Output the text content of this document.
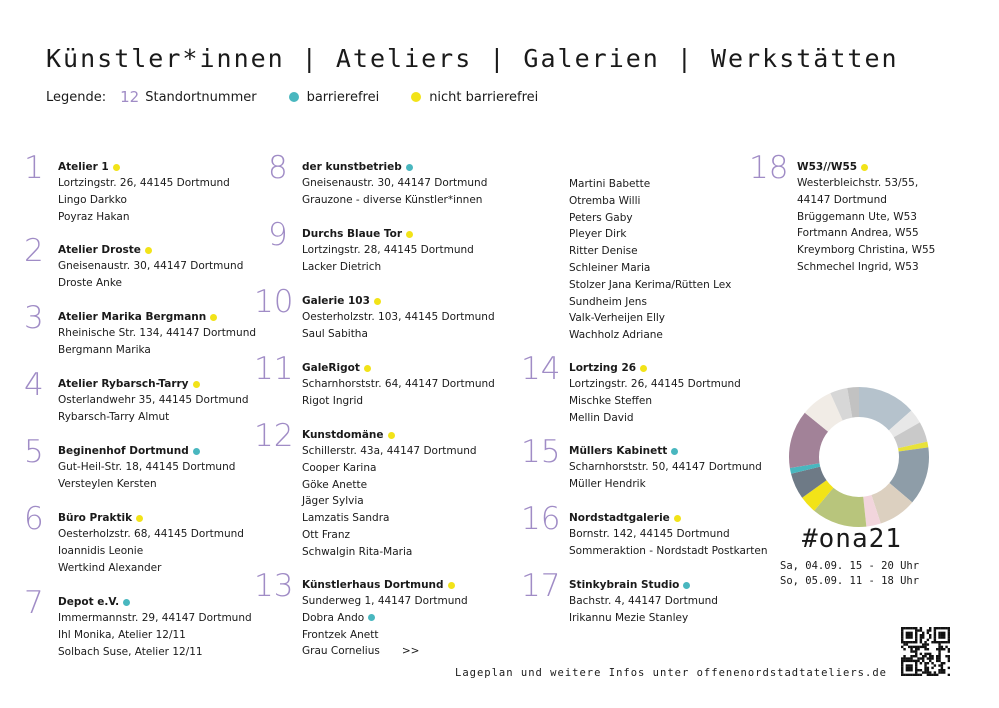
Künstler*innen | Ateliers | Galerien | Werkstätten
Legende: 12 Standortnummer	barrierefrei	nicht barrierefrei
1 Atelier 1
Lortzingstr. 26, 44145 Dortmund
Lingo Darkko
Poyraz Hakan
2 Atelier Droste
Gneisenaustr. 30, 44147 Dortmund
Droste Anke
3 Atelier Marika Bergmann
Rheinische Str. 134, 44147 Dortmund
Bergmann Marika
4 Atelier Rybarsch-Tarry
Osterlandwehr 35, 44145 Dortmund
Rybarsch-Tarry Almut
5 Beginenhof Dortmund
Gut-Heil-Str. 18, 44145 Dortmund
Versteylen Kersten
6 Büro Praktik
Oesterholzstr. 68, 44145 Dortmund
Ioannidis Leonie
Wertkind Alexander
7 Depot e.V.
Immermannstr. 29, 44147 Dortmund
Ihl Monika, Atelier 12/11
Solbach Suse, Atelier 12/11
8 der kunstbetrieb
Gneisenaustr. 30, 44147 Dortmund
Grauzone - diverse Künstler*innen
9 Durchs Blaue Tor
Lortzingstr. 28, 44145 Dortmund
Lacker Dietrich
10 Galerie 103
Oesterholzstr. 103, 44145 Dortmund
Saul Sabitha
11 GaleRigot
Scharnhorststr. 64, 44147 Dortmund
Rigot Ingrid
12 Kunstdomäne
Schillerstr. 43a, 44147 Dortmund
Cooper Karina
Göke Anette
Jäger Sylvia
Lamzatis Sandra
Ott Franz
Schwalgin Rita-Maria
13 Künstlerhaus Dortmund
Sunderweg 1, 44147 Dortmund
Dobra Ando
Frontzek Anett
Grau Cornelius >>
Martini Babette
Otremba Willi
Peters Gaby
Pleyer Dirk
Ritter Denise
Schleiner Maria
Stolzer Jana Kerima/Rütten Lex
Sundheim Jens
Valk-Verheijen Elly
Wachholz Adriane
14 Lortzing 26
Lortzingstr. 26, 44145 Dortmund
Mischke Steffen
Mellin David
15 Müllers Kabinett
Scharnhorststr. 50, 44147 Dortmund
Müller Hendrik
16 Nordstadtgalerie
Bornstr. 142, 44145 Dortmund
Sommeraktion - Nordstadt Postkarten
17 Stinkybrain Studio
Bachstr. 4, 44147 Dortmund
Irikannu Mezie Stanley
18 W53//W55
Westerbleichstr. 53/55,
44147 Dortmund
Brüggemann Ute, W53
Fortmann Andrea, W55
Kreymborg Christina, W55
Schmechel Ingrid, W53
#ona21
Sa, 04.09. 15 - 20 Uhr
So, 05.09. 11 - 18 Uhr
Lageplan und weitere Infos unter offenenordstadtateliers.de
